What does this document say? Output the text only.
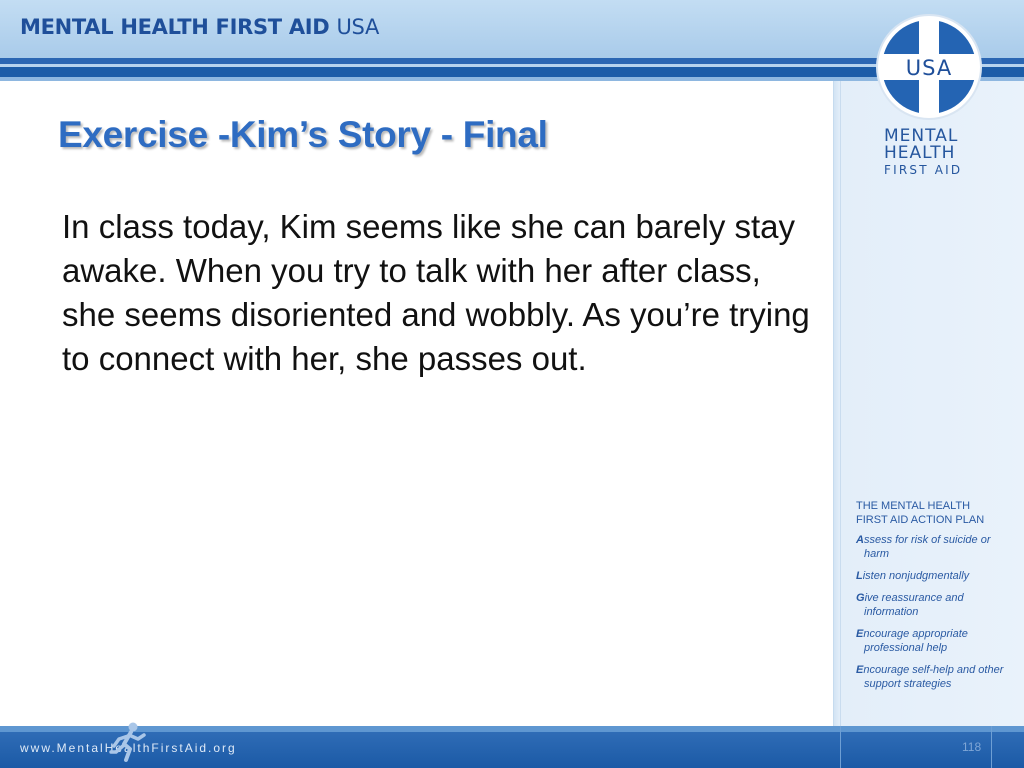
MENTAL HEALTH FIRST AID USA
USA
MENTAL
HEALTH
FIRST AID
THE MENTAL HEALTH
FIRST AID ACTION PLAN
Assess for risk of suicide or harm
Listen nonjudgmentally
Give reassurance and information
Encourage appropriate professional help
Encourage self-help and other support strategies
Exercise -Kim’s Story - Final

In class today, Kim seems like she can barely stay awake. When you try to talk with her after class, she seems disoriented and wobbly. As you’re trying to connect with her, she passes out.

www.MentalHealthFirstAid.org	118
